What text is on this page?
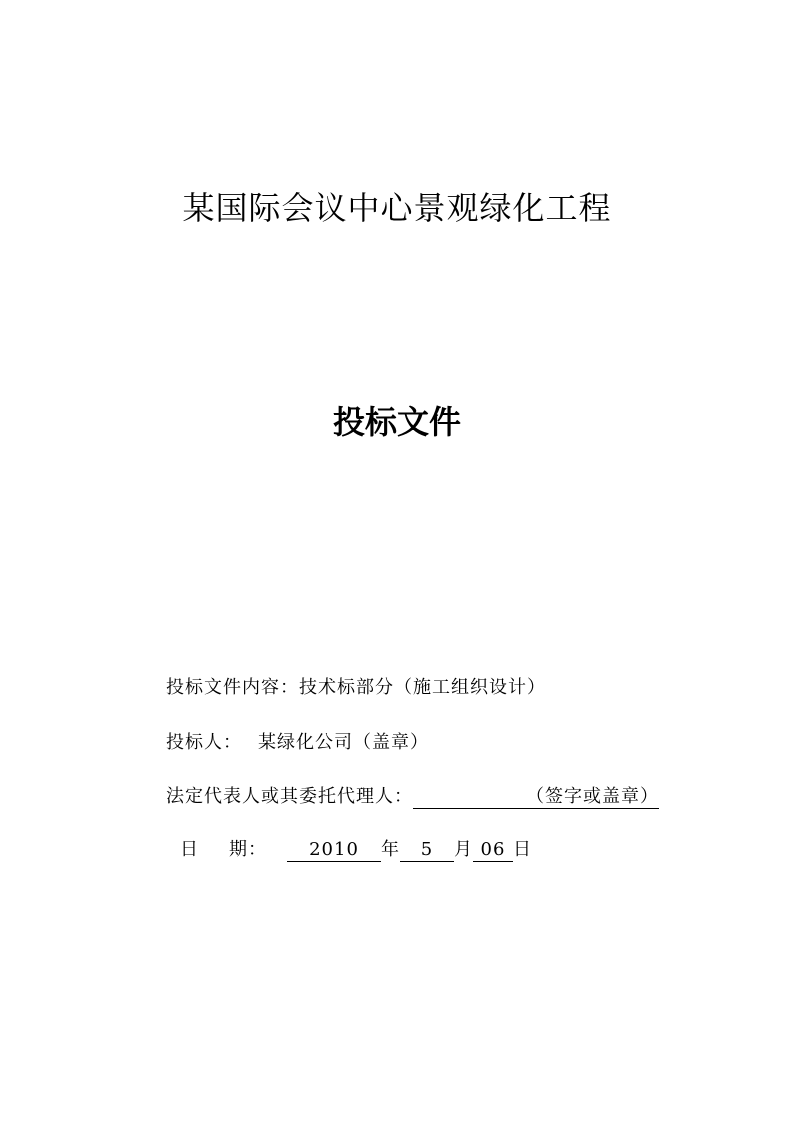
某国际会议中心景观绿化工程
投标文件
投标文件内容：技术标部分（施工组织设计）
投标人： 某绿化公司（盖章）
法定代表人或其委托代理人：	（签字或盖章）
日 期： 2010 年 5 月 06 日
